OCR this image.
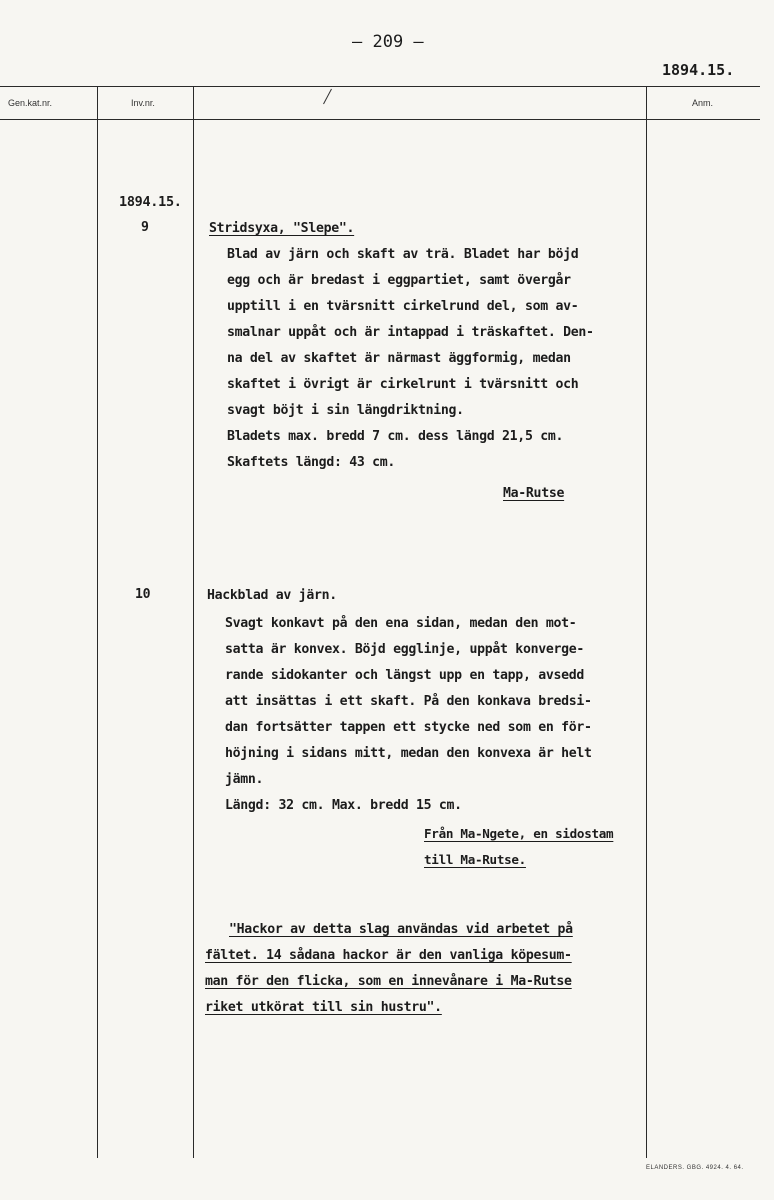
– 209 –
1894.15.
Gen.kat.nr.	Inv.nr.	Anm.
1894.15.
9	Stridsyxa, "Slepe".
Blad av järn och skaft av trä. Bladet har böjd
egg och är bredast i eggpartiet, samt övergår
upptill i en tvärsnitt cirkelrund del, som av-
smalnar uppåt och är intappad i träskaftet. Den-
na del av skaftet är närmast äggformig, medan
skaftet i övrigt är cirkelrunt i tvärsnitt och
svagt böjt i sin längdriktning.
Bladets max. bredd 7 cm. dess längd 21,5 cm.
Skaftets längd: 43 cm.
Ma-Rutse
10	Hackblad av järn.
Svagt konkavt på den ena sidan, medan den mot-
satta är konvex. Böjd egglinje, uppåt konverge-
rande sidokanter och längst upp en tapp, avsedd
att insättas i ett skaft. På den konkava bredsi-
dan fortsätter tappen ett stycke ned som en för-
höjning i sidans mitt, medan den konvexa är helt
jämn.
Längd: 32 cm. Max. bredd 15 cm.
Från Ma-Ngete, en sidostam
till Ma-Rutse.
"Hackor av detta slag användas vid arbetet på
fältet. 14 sådana hackor är den vanliga köpesum-
man för den flicka, som en innevånare i Ma-Rutse
riket utkörat till sin hustru".
ELANDERS. GBG. 4924. 4. 64.
